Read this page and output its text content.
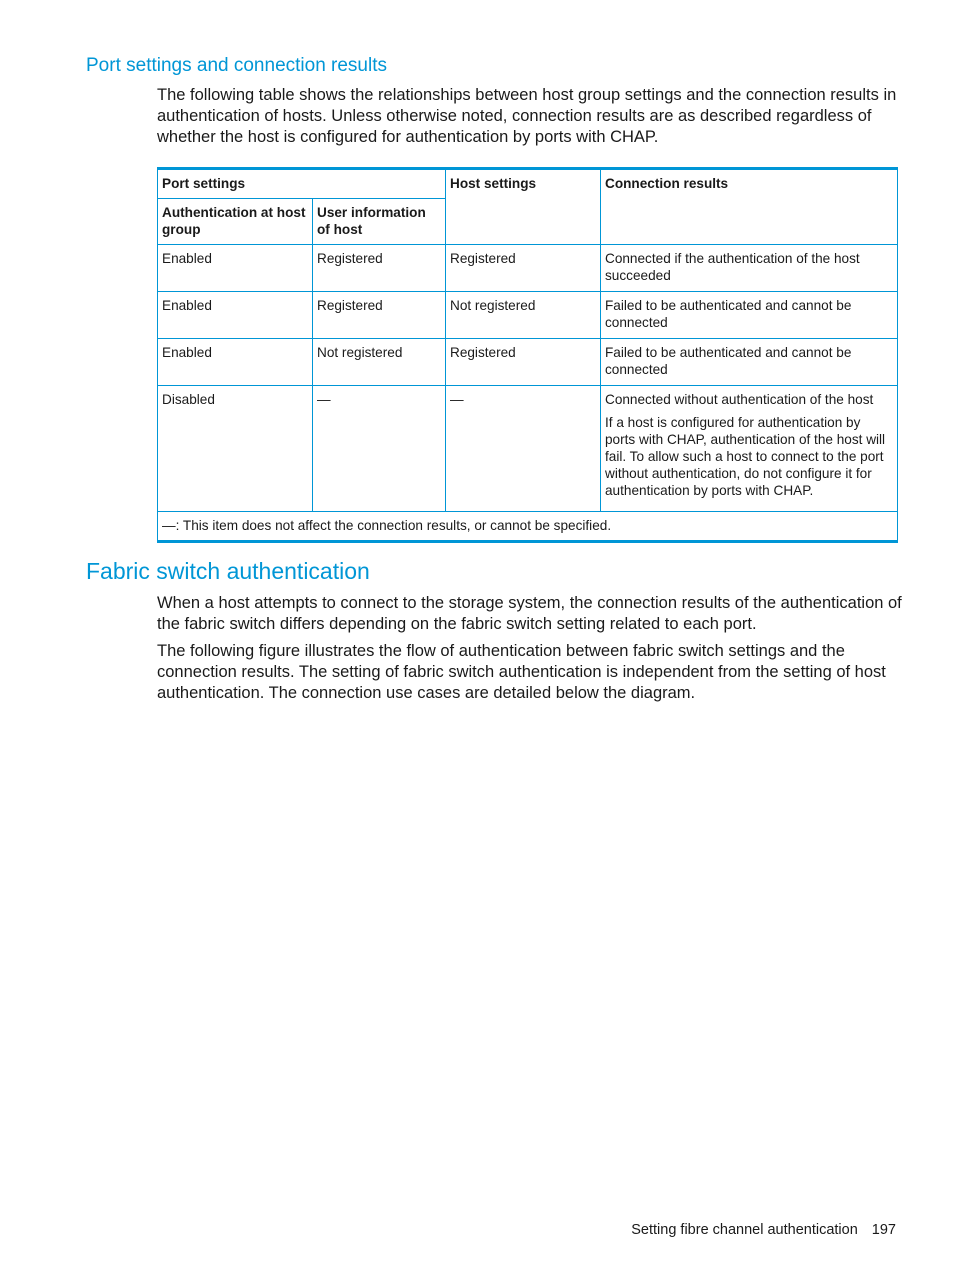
Port settings and connection results

The following table shows the relationships between host group settings and the connection results in authentication of hosts. Unless otherwise noted, connection results are as described regardless of whether the host is configured for authentication by ports with CHAP.

Port settings		Host settings	Connection results
Authentication at host group	User information of host		
Enabled	Registered	Registered	Connected if the authentication of the host succeeded
Enabled	Registered	Not registered	Failed to be authenticated and cannot be connected
Enabled	Not registered	Registered	Failed to be authenticated and cannot be connected
Disabled	—	—	Connected without authentication of the host
If a host is configured for authentication by ports with CHAP, authentication of the host will fail. To allow such a host to connect to the port without authentication, do not configure it for authentication by ports with CHAP.

—: This item does not affect the connection results, or cannot be specified.			
Fabric switch authentication

When a host attempts to connect to the storage system, the connection results of the authentication of the fabric switch differs depending on the fabric switch setting related to each port.

The following figure illustrates the flow of authentication between fabric switch settings and the connection results. The setting of fabric switch authentication is independent from the setting of host authentication. The connection use cases are detailed below the diagram.

Setting fibre channel authentication 197
